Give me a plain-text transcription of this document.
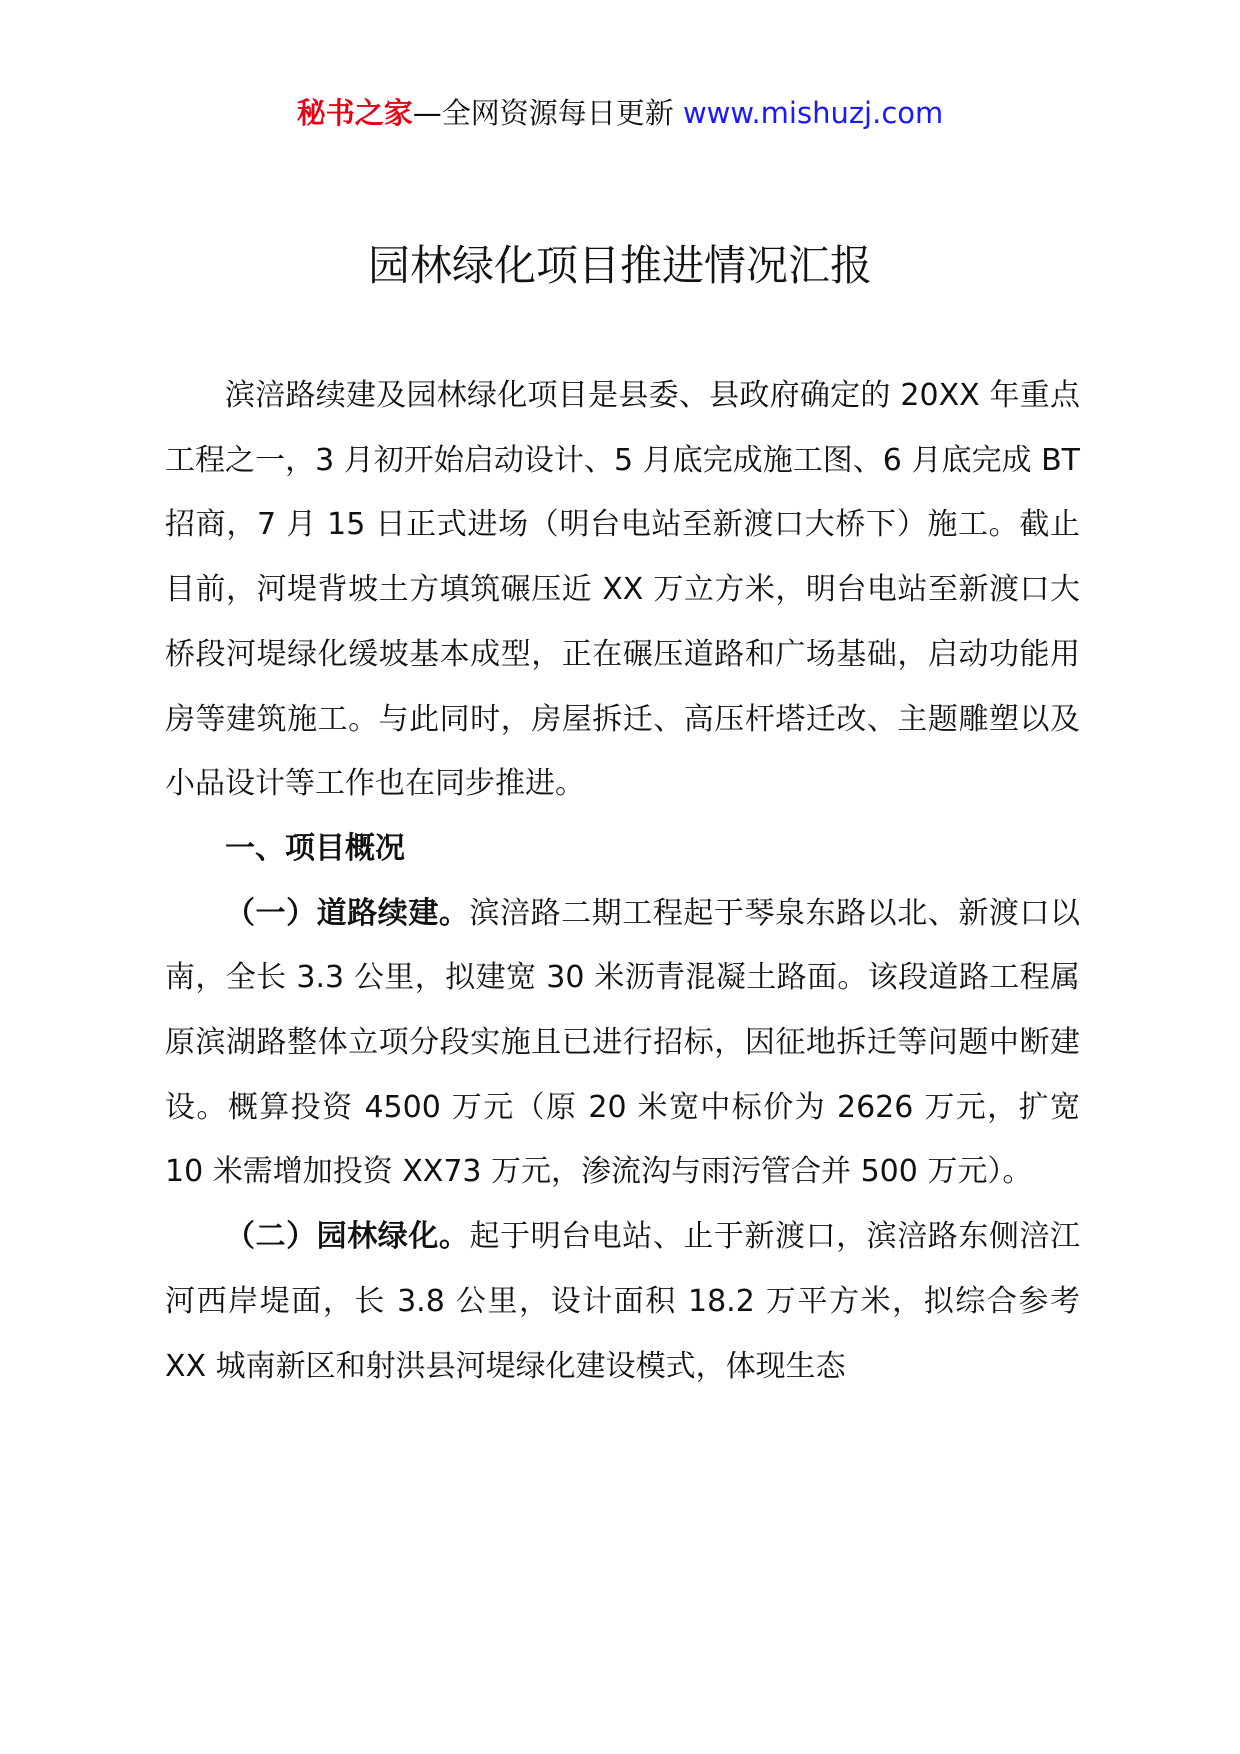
秘书之家—全网资源每日更新 www.mishuzj.com
园林绿化项目推进情况汇报

滨涪路续建及园林绿化项目是县委、县政府确定的 20XX 年重点工程之一，3 月初开始启动设计、5 月底完成施工图、6 月底完成 BT 招商，7 月 15 日正式进场（明台电站至新渡口大桥下）施工。截止目前，河堤背坡土方填筑碾压近 XX 万立方米，明台电站至新渡口大桥段河堤绿化缓坡基本成型，正在碾压道路和广场基础，启动功能用房等建筑施工。与此同时，房屋拆迁、高压杆塔迁改、主题雕塑以及小品设计等工作也在同步推进。

一、项目概况

（一）道路续建。滨涪路二期工程起于琴泉东路以北、新渡口以南，全长 3.3 公里，拟建宽 30 米沥青混凝土路面。该段道路工程属原滨湖路整体立项分段实施且已进行招标，因征地拆迁等问题中断建设。概算投资 4500 万元（原 20 米宽中标价为 2626 万元，扩宽 10 米需增加投资 XX73 万元，渗流沟与雨污管合并 500 万元）。

（二）园林绿化。起于明台电站、止于新渡口，滨涪路东侧涪江河西岸堤面，长 3.8 公里，设计面积 18.2 万平方米，拟综合参考 XX 城南新区和射洪县河堤绿化建设模式，体现生态
